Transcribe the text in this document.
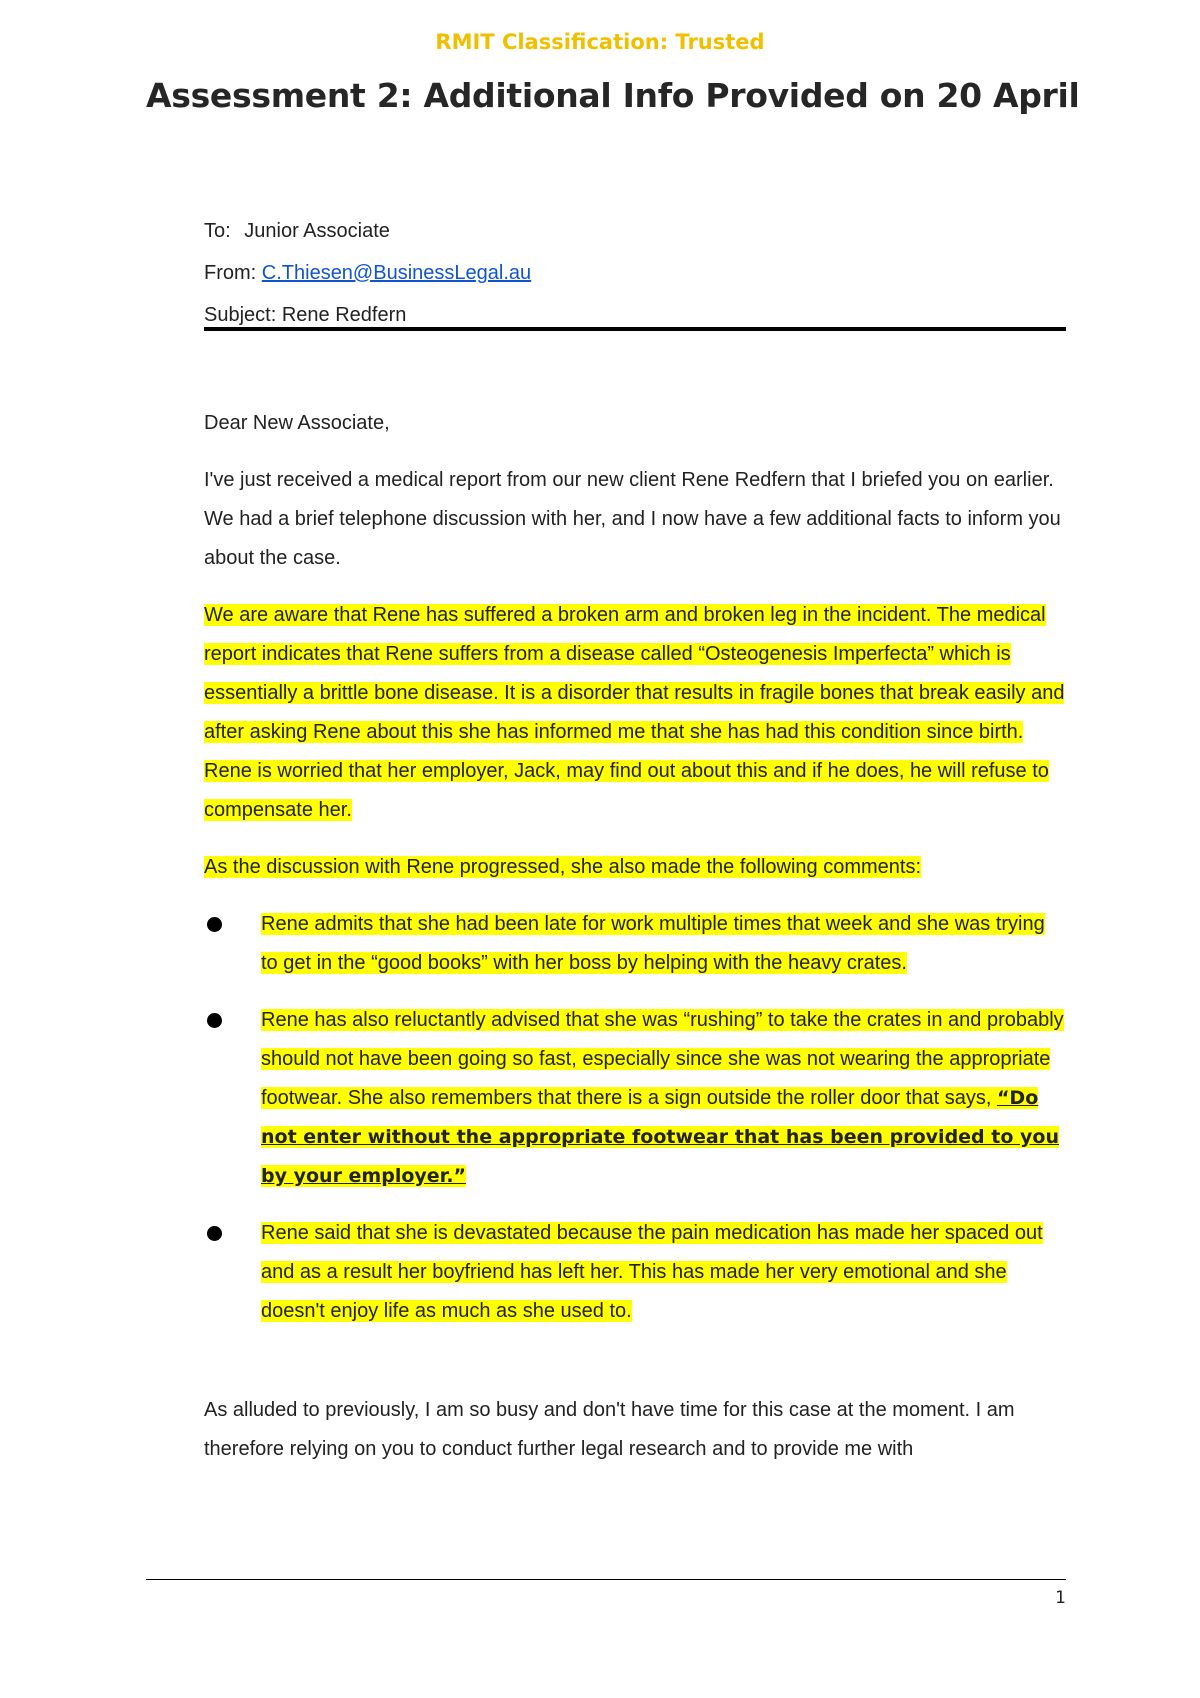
RMIT Classification: Trusted
Assessment 2: Additional Info Provided on 20 April
To: Junior Associate
From: C.Thiesen@BusinessLegal.au
Subject: Rene Redfern

Dear New Associate,

I've just received a medical report from our new client Rene Redfern that I briefed you on earlier. We had a brief telephone discussion with her, and I now have a few additional facts to inform you about the case.

We are aware that Rene has suffered a broken arm and broken leg in the incident. The medical report indicates that Rene suffers from a disease called “Osteogenesis Imperfecta” which is essentially a brittle bone disease. It is a disorder that results in fragile bones that break easily and after asking Rene about this she has informed me that she has had this condition since birth. Rene is worried that her employer, Jack, may find out about this and if he does, he will refuse to compensate her.

As the discussion with Rene progressed, she also made the following comments:

Rene admits that she had been late for work multiple times that week and she was trying to get in the “good books” with her boss by helping with the heavy crates.
Rene has also reluctantly advised that she was “rushing” to take the crates in and probably should not have been going so fast, especially since she was not wearing the appropriate footwear. She also remembers that there is a sign outside the roller door that says, “Do not enter without the appropriate footwear that has been provided to you by your employer.”
Rene said that she is devastated because the pain medication has made her spaced out and as a result her boyfriend has left her. This has made her very emotional and she doesn't enjoy life as much as she used to.

As alluded to previously, I am so busy and don't have time for this case at the moment. I am therefore relying on you to conduct further legal research and to provide me with

1
